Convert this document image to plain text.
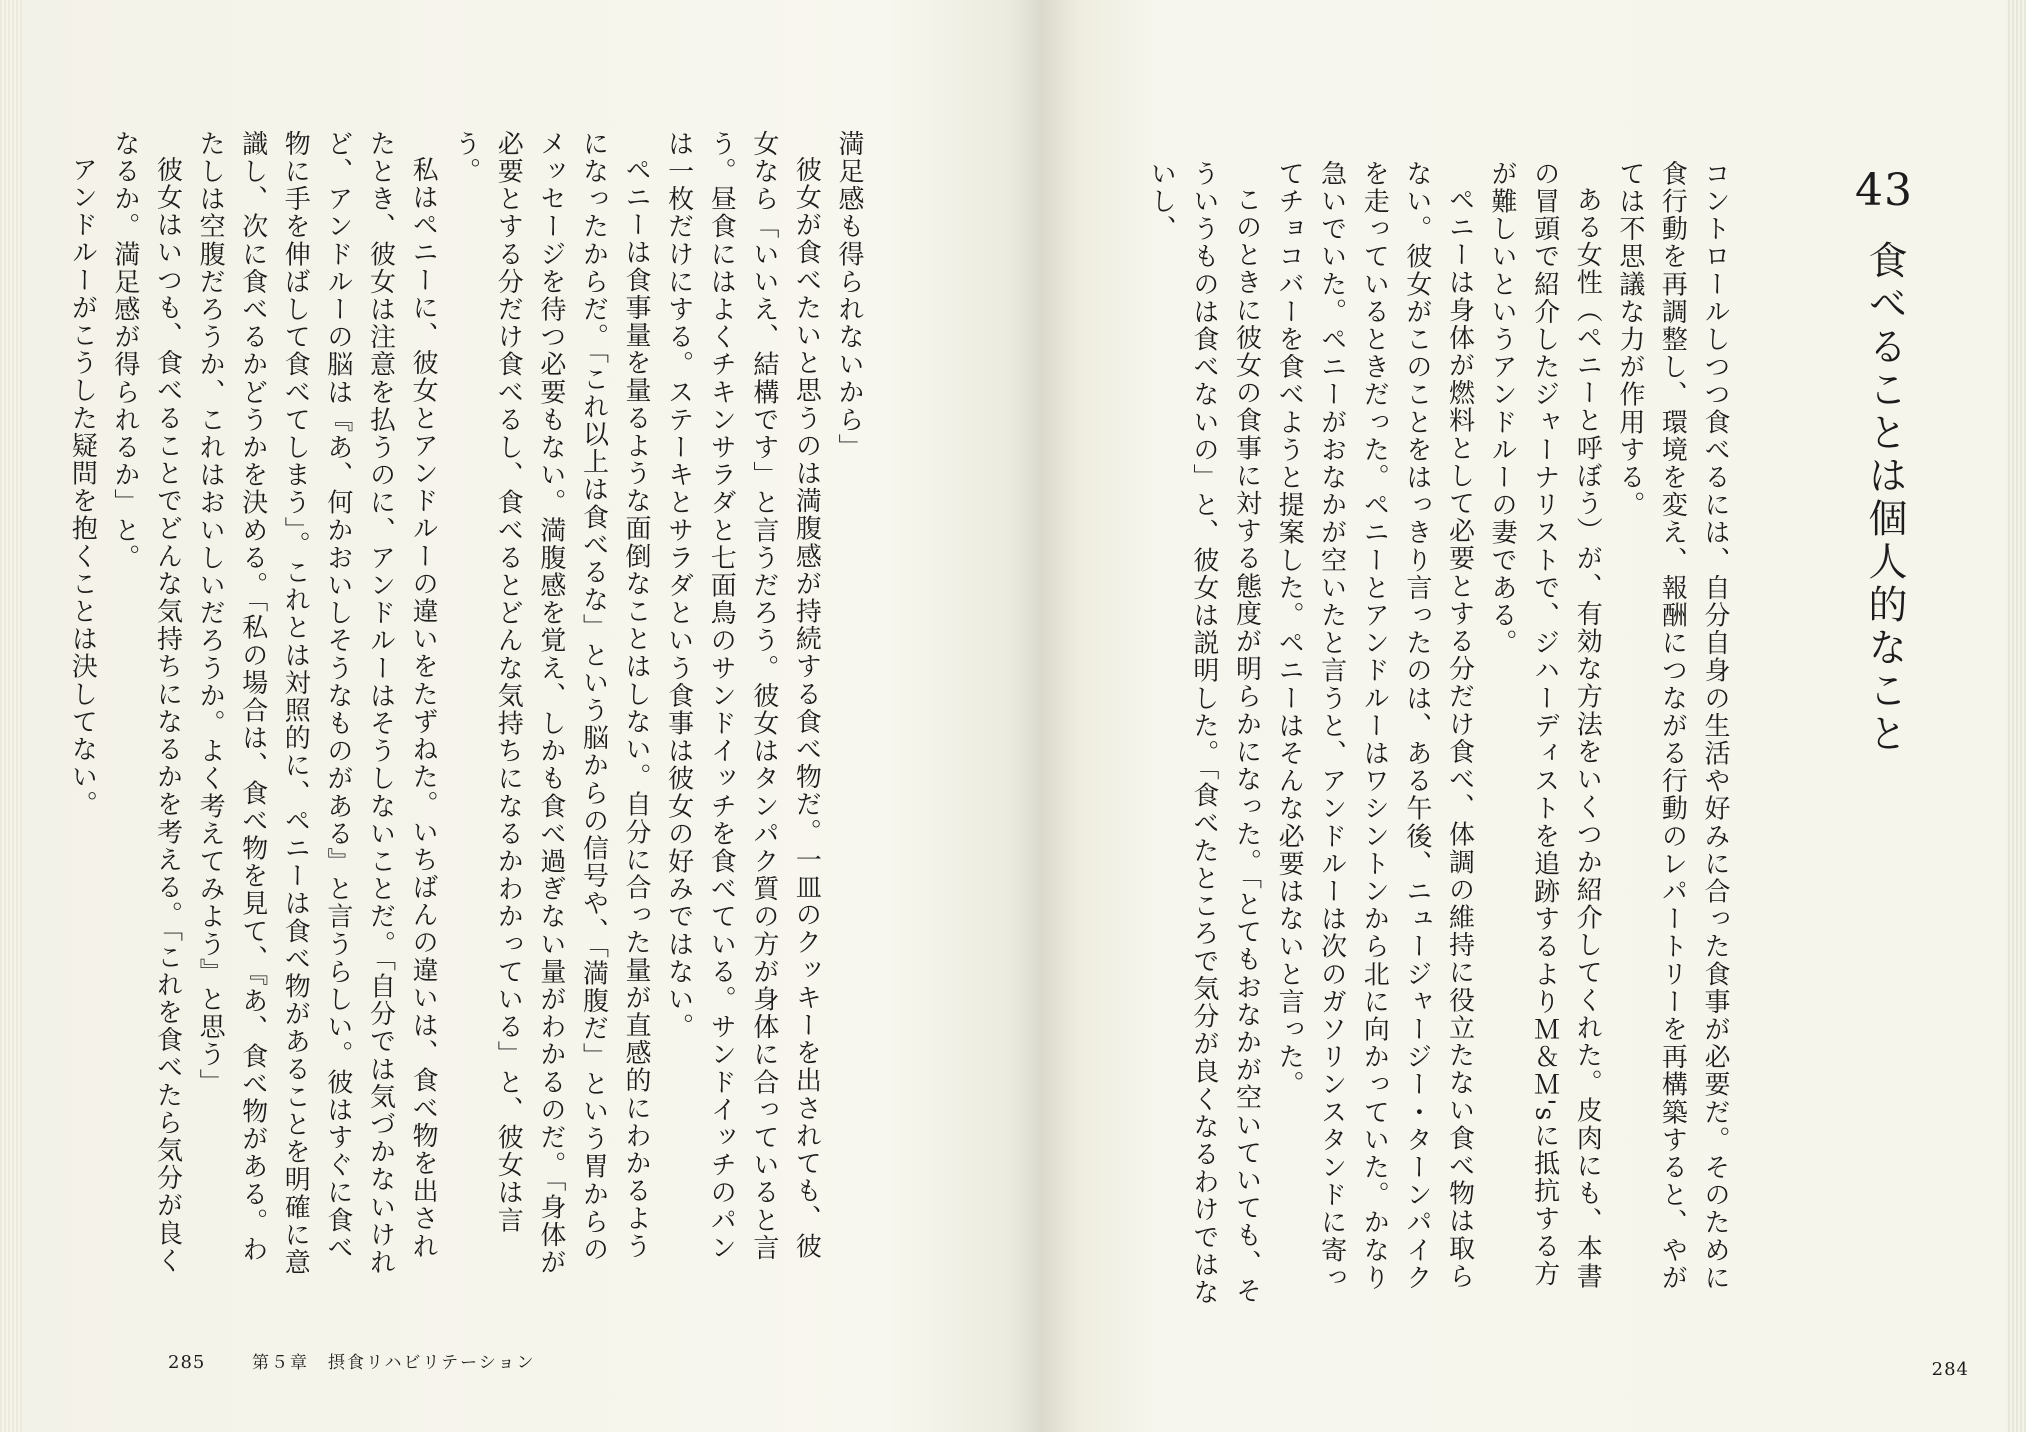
満足感も得られないから」

彼女が食べたいと思うのは満腹感が持続する食べ物だ。一皿のクッキーを出されても、彼女なら「いいえ、結構です」と言うだろう。彼女はタンパク質の方が身体に合っていると言う。昼食にはよくチキンサラダと七面鳥のサンドイッチを食べている。サンドイッチのパンは一枚だけにする。ステーキとサラダという食事は彼女の好みではない。

ペニーは食事量を量るような面倒なことはしない。自分に合った量が直感的にわかるようになったからだ。「これ以上は食べるな」という脳からの信号や、「満腹だ」という胃からのメッセージを待つ必要もない。満腹感を覚え、しかも食べ過ぎない量がわかるのだ。「身体が必要とする分だけ食べるし、食べるとどんな気持ちになるかわかっている」と、彼女は言う。

私はペニーに、彼女とアンドルーの違いをたずねた。いちばんの違いは、食べ物を出されたとき、彼女は注意を払うのに、アンドルーはそうしないことだ。「自分では気づかないけれど、アンドルーの脳は『あ、何かおいしそうなものがある』と言うらしい。彼はすぐに食べ物に手を伸ばして食べてしまう」。これとは対照的に、ペニーは食べ物があることを明確に意識し、次に食べるかどうかを決める。「私の場合は、食べ物を見て、『あ、食べ物がある。わたしは空腹だろうか、これはおいしいだろうか。よく考えてみよう』と思う」

彼女はいつも、食べることでどんな気持ちになるかを考える。「これを食べたら気分が良くなるか。満足感が得られるか」と。

アンドルーがこうした疑問を抱くことは決してない。

285	第５章　摂食リハビリテーション
43
食べることは個人的なこと

コントロールしつつ食べるには、自分自身の生活や好みに合った食事が必要だ。そのために食行動を再調整し、環境を変え、報酬につながる行動のレパートリーを再構築すると、やがては不思議な力が作用する。

ある女性（ペニーと呼ぼう）が、有効な方法をいくつか紹介してくれた。皮肉にも、本書の冒頭で紹介したジャーナリストで、ジハーディストを追跡するよりＭ＆Ｍ'sに抵抗する方が難しいというアンドルーの妻である。

ペニーは身体が燃料として必要とする分だけ食べ、体調の維持に役立たない食べ物は取らない。彼女がこのことをはっきり言ったのは、ある午後、ニュージャージー・ターンパイクを走っているときだった。ペニーとアンドルーはワシントンから北に向かっていた。かなり急いでいた。ペニーがおなかが空いたと言うと、アンドルーは次のガソリンスタンドに寄ってチョコバーを食べようと提案した。ペニーはそんな必要はないと言った。

このときに彼女の食事に対する態度が明らかになった。「とてもおなかが空いていても、そういうものは食べないの」と、彼女は説明した。「食べたところで気分が良くなるわけではないし、

284
